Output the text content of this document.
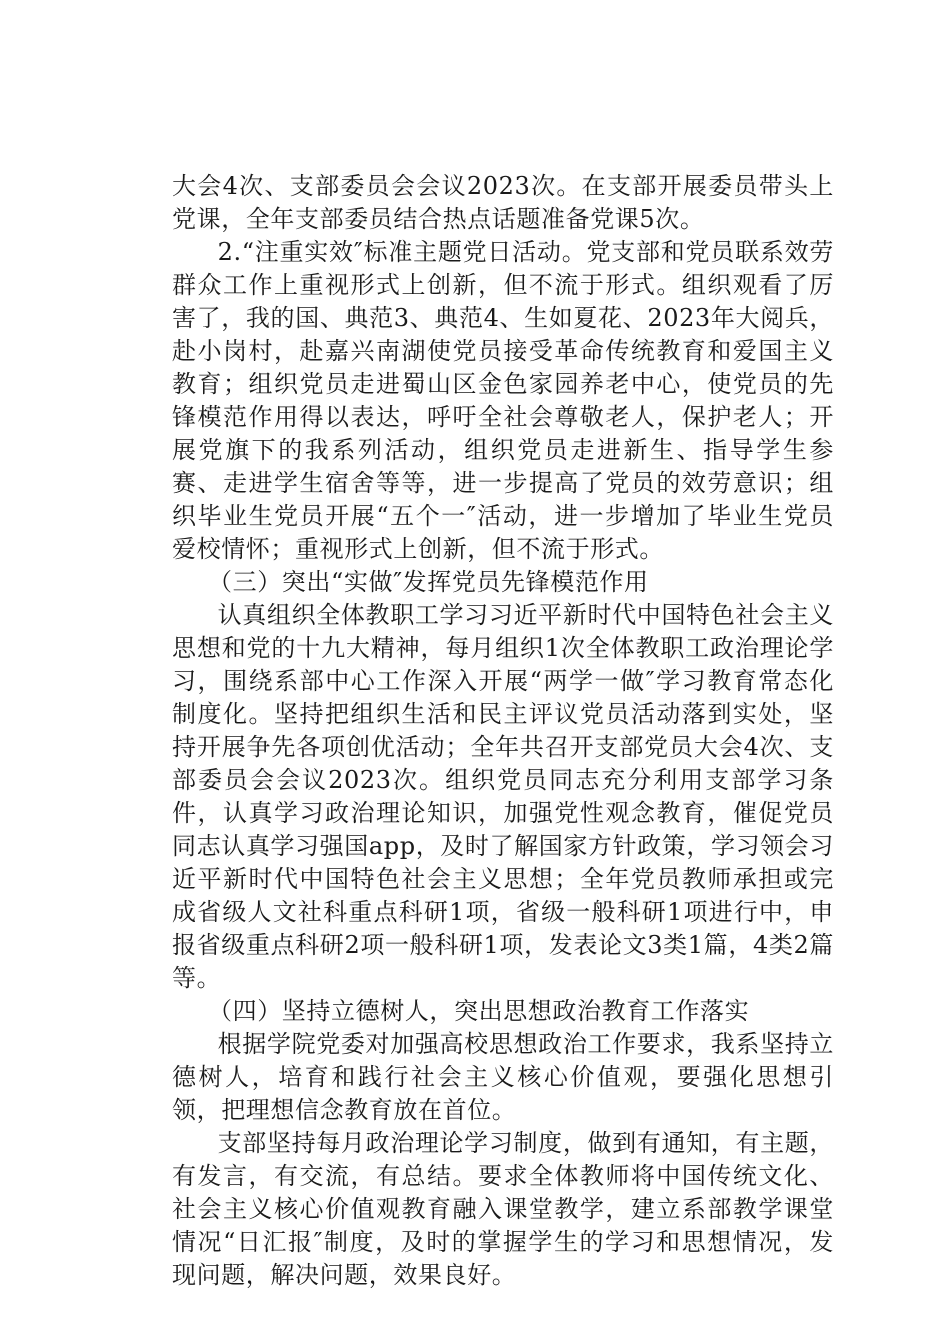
大会4次、支部委员会会议2023次。在支部开展委员带头上党课，全年支部委员结合热点话题准备党课5次。

2.“注重实效″标准主题党日活动。党支部和党员联系效劳群众工作上重视形式上创新，但不流于形式。组织观看了厉害了，我的国、典范3、典范4、生如夏花、2023年大阅兵，赴小岗村，赴嘉兴南湖使党员接受革命传统教育和爱国主义教育；组织党员走进蜀山区金色家园养老中心，使党员的先锋模范作用得以表达，呼吁全社会尊敬老人，保护老人；开展党旗下的我系列活动，组织党员走进新生、指导学生参赛、走进学生宿舍等等，进一步提高了党员的效劳意识；组织毕业生党员开展“五个一″活动，进一步增加了毕业生党员爱校情怀；重视形式上创新，但不流于形式。

（三）突出“实做″发挥党员先锋模范作用

认真组织全体教职工学习习近平新时代中国特色社会主义思想和党的十九大精神，每月组织1次全体教职工政治理论学习，围绕系部中心工作深入开展“两学一做″学习教育常态化制度化。坚持把组织生活和民主评议党员活动落到实处，坚持开展争先各项创优活动；全年共召开支部党员大会4次、支部委员会会议2023次。组织党员同志充分利用支部学习条件，认真学习政治理论知识，加强党性观念教育，催促党员同志认真学习强国app，及时了解国家方针政策，学习领会习近平新时代中国特色社会主义思想；全年党员教师承担或完成省级人文社科重点科研1项，省级一般科研1项进行中，申报省级重点科研2项一般科研1项，发表论文3类1篇，4类2篇等。

（四）坚持立德树人，突出思想政治教育工作落实

根据学院党委对加强高校思想政治工作要求，我系坚持立德树人，培育和践行社会主义核心价值观，要强化思想引领，把理想信念教育放在首位。

支部坚持每月政治理论学习制度，做到有通知，有主题，有发言，有交流，有总结。要求全体教师将中国传统文化、社会主义核心价值观教育融入课堂教学，建立系部教学课堂情况“日汇报″制度，及时的掌握学生的学习和思想情况，发现问题，解决问题，效果良好。
